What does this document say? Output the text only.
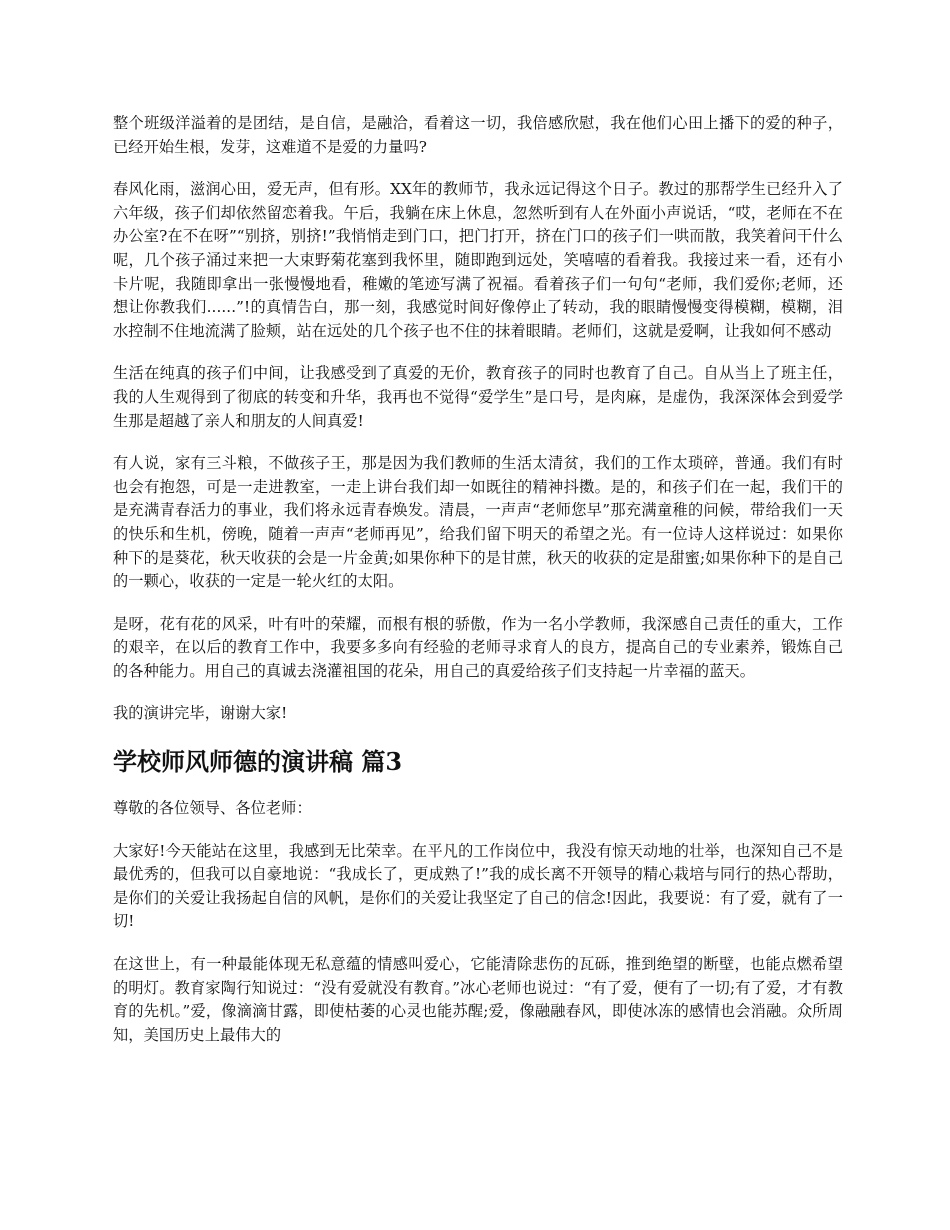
整个班级洋溢着的是团结，是自信，是融洽，看着这一切，我倍感欣慰，我在他们心田上播下的爱的种子，已经开始生根，发芽，这难道不是爱的力量吗?

春风化雨，滋润心田，爱无声，但有形。XX年的教师节，我永远记得这个日子。教过的那帮学生已经升入了六年级，孩子们却依然留恋着我。午后，我躺在床上休息，忽然听到有人在外面小声说话，“哎，老师在不在办公室?在不在呀”“别挤，别挤!”我悄悄走到门口，把门打开，挤在门口的孩子们一哄而散，我笑着问干什么呢，几个孩子涌过来把一大束野菊花塞到我怀里，随即跑到远处，笑嘻嘻的看着我。我接过来一看，还有小卡片呢，我随即拿出一张慢慢地看，稚嫩的笔迹写满了祝福。看着孩子们一句句“老师，我们爱你;老师，还想让你教我们......”!的真情告白，那一刻，我感觉时间好像停止了转动，我的眼睛慢慢变得模糊，模糊，泪水控制不住地流满了脸颊，站在远处的几个孩子也不住的抹着眼睛。老师们，这就是爱啊，让我如何不感动

生活在纯真的孩子们中间，让我感受到了真爱的无价，教育孩子的同时也教育了自己。自从当上了班主任，我的人生观得到了彻底的转变和升华，我再也不觉得“爱学生”是口号，是肉麻，是虚伪，我深深体会到爱学生那是超越了亲人和朋友的人间真爱!

有人说，家有三斗粮，不做孩子王，那是因为我们教师的生活太清贫，我们的工作太琐碎，普通。我们有时也会有抱怨，可是一走进教室，一走上讲台我们却一如既往的精神抖擞。是的，和孩子们在一起，我们干的是充满青春活力的事业，我们将永远青春焕发。清晨，一声声“老师您早”那充满童稚的问候，带给我们一天的快乐和生机，傍晚，随着一声声“老师再见”，给我们留下明天的希望之光。有一位诗人这样说过：如果你种下的是葵花，秋天收获的会是一片金黄;如果你种下的是甘蔗，秋天的收获的定是甜蜜;如果你种下的是自己的一颗心，收获的一定是一轮火红的太阳。

是呀，花有花的风采，叶有叶的荣耀，而根有根的骄傲，作为一名小学教师，我深感自己责任的重大，工作的艰辛，在以后的教育工作中，我要多多向有经验的老师寻求育人的良方，提高自己的专业素养，锻炼自己的各种能力。用自己的真诚去浇灌祖国的花朵，用自己的真爱给孩子们支持起一片幸福的蓝天。

我的演讲完毕，谢谢大家!

学校师风师德的演讲稿 篇3

尊敬的各位领导、各位老师：

大家好!今天能站在这里，我感到无比荣幸。在平凡的工作岗位中，我没有惊天动地的壮举，也深知自己不是最优秀的，但我可以自豪地说：“我成长了，更成熟了!”我的成长离不开领导的精心栽培与同行的热心帮助，是你们的关爱让我扬起自信的风帆，是你们的关爱让我坚定了自己的信念!因此，我要说：有了爱，就有了一切!

在这世上，有一种最能体现无私意蕴的情感叫爱心，它能清除悲伤的瓦砾，推到绝望的断壁，也能点燃希望的明灯。教育家陶行知说过：“没有爱就没有教育。”冰心老师也说过：“有了爱，便有了一切;有了爱，才有教育的先机。”爱，像滴滴甘露，即使枯萎的心灵也能苏醒;爱，像融融春风，即使冰冻的感情也会消融。众所周知，美国历史上最伟大的
